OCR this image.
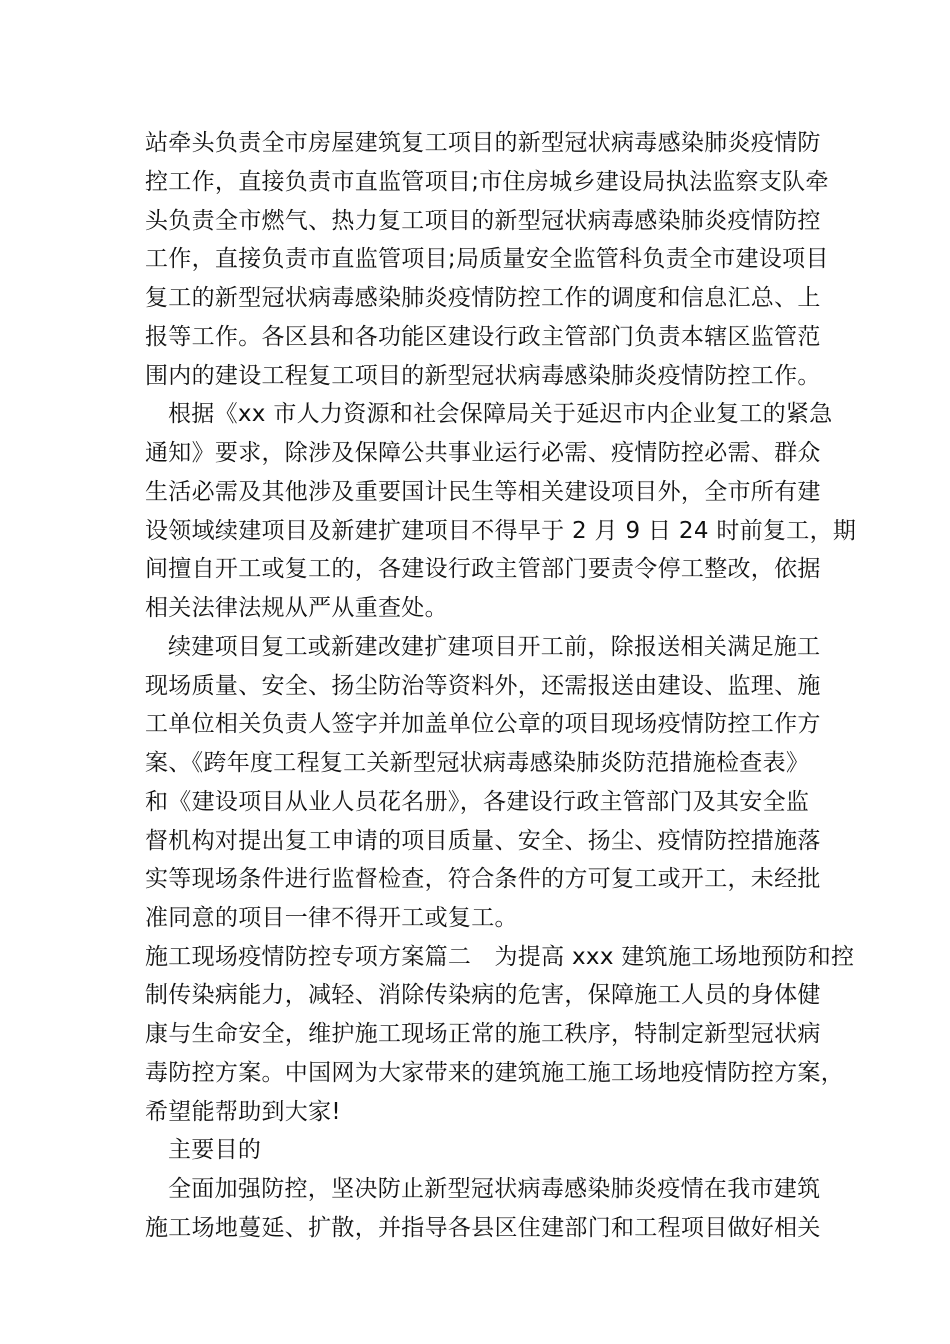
站牵头负责全市房屋建筑复工项目的新型冠状病毒感染肺炎疫情防
控工作，直接负责市直监管项目;市住房城乡建设局执法监察支队牵
头负责全市燃气、热力复工项目的新型冠状病毒感染肺炎疫情防控
工作，直接负责市直监管项目;局质量安全监管科负责全市建设项目
复工的新型冠状病毒感染肺炎疫情防控工作的调度和信息汇总、上
报等工作。各区县和各功能区建设行政主管部门负责本辖区监管范
围内的建设工程复工项目的新型冠状病毒感染肺炎疫情防控工作。
根据《xx 市人力资源和社会保障局关于延迟市内企业复工的紧急
通知》要求，除涉及保障公共事业运行必需、疫情防控必需、群众
生活必需及其他涉及重要国计民生等相关建设项目外，全市所有建
设领域续建项目及新建扩建项目不得早于 2 月 9 日 24 时前复工，期
间擅自开工或复工的，各建设行政主管部门要责令停工整改，依据
相关法律法规从严从重查处。
续建项目复工或新建改建扩建项目开工前，除报送相关满足施工
现场质量、安全、扬尘防治等资料外，还需报送由建设、监理、施
工单位相关负责人签字并加盖单位公章的项目现场疫情防控工作方
案、《跨年度工程复工关新型冠状病毒感染肺炎防范措施检查表》
和《建设项目从业人员花名册》，各建设行政主管部门及其安全监
督机构对提出复工申请的项目质量、安全、扬尘、疫情防控措施落
实等现场条件进行监督检查，符合条件的方可复工或开工，未经批
准同意的项目一律不得开工或复工。
施工现场疫情防控专项方案篇二　为提高 xxx 建筑施工场地预防和控
制传染病能力，减轻、消除传染病的危害，保障施工人员的身体健
康与生命安全，维护施工现场正常的施工秩序，特制定新型冠状病
毒防控方案。中国网为大家带来的建筑施工施工场地疫情防控方案，
希望能帮助到大家!
主要目的
全面加强防控，坚决防止新型冠状病毒感染肺炎疫情在我市建筑
施工场地蔓延、扩散，并指导各县区住建部门和工程项目做好相关
